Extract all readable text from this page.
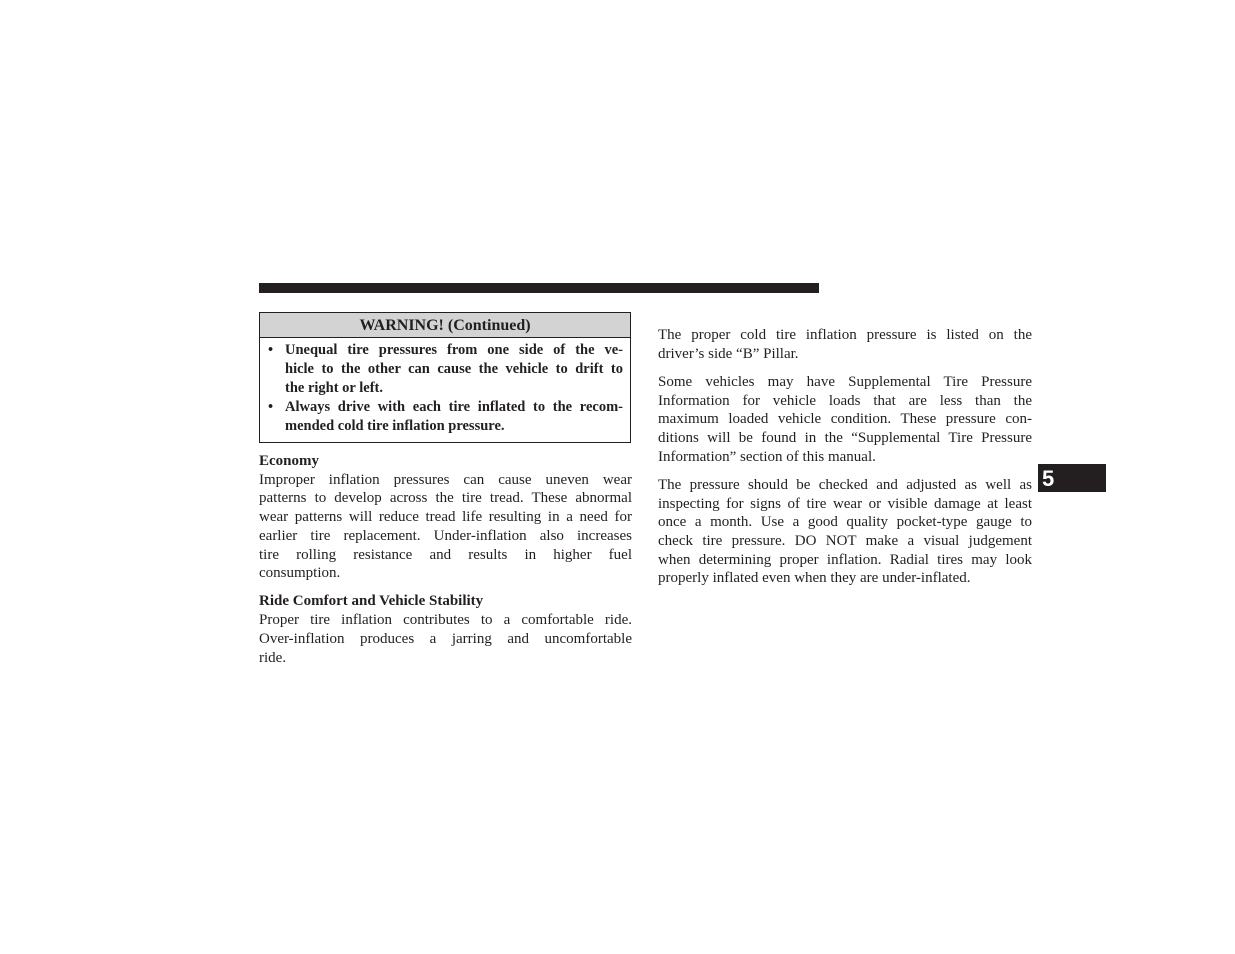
WARNING! (Continued)
• Unequal tire pressures from one side of the ve-
hicle to the other can cause the vehicle to drift to
the right or left.
• Always drive with each tire inflated to the recom-
mended cold tire inflation pressure.
Economy
Improper inflation pressures can cause uneven wear
patterns to develop across the tire tread. These abnormal
wear patterns will reduce tread life resulting in a need for
earlier tire replacement. Under-inflation also increases
tire rolling resistance and results in higher fuel
consumption.
Ride Comfort and Vehicle Stability
Proper tire inflation contributes to a comfortable ride.
Over-inflation produces a jarring and uncomfortable
ride.
The proper cold tire inflation pressure is listed on the
driver’s side “B” Pillar.
Some vehicles may have Supplemental Tire Pressure
Information for vehicle loads that are less than the
maximum loaded vehicle condition. These pressure con-
ditions will be found in the “Supplemental Tire Pressure
Information” section of this manual.
The pressure should be checked and adjusted as well as
inspecting for signs of tire wear or visible damage at least
once a month. Use a good quality pocket-type gauge to
check tire pressure. DO NOT make a visual judgement
when determining proper inflation. Radial tires may look
properly inflated even when they are under-inflated.
5
